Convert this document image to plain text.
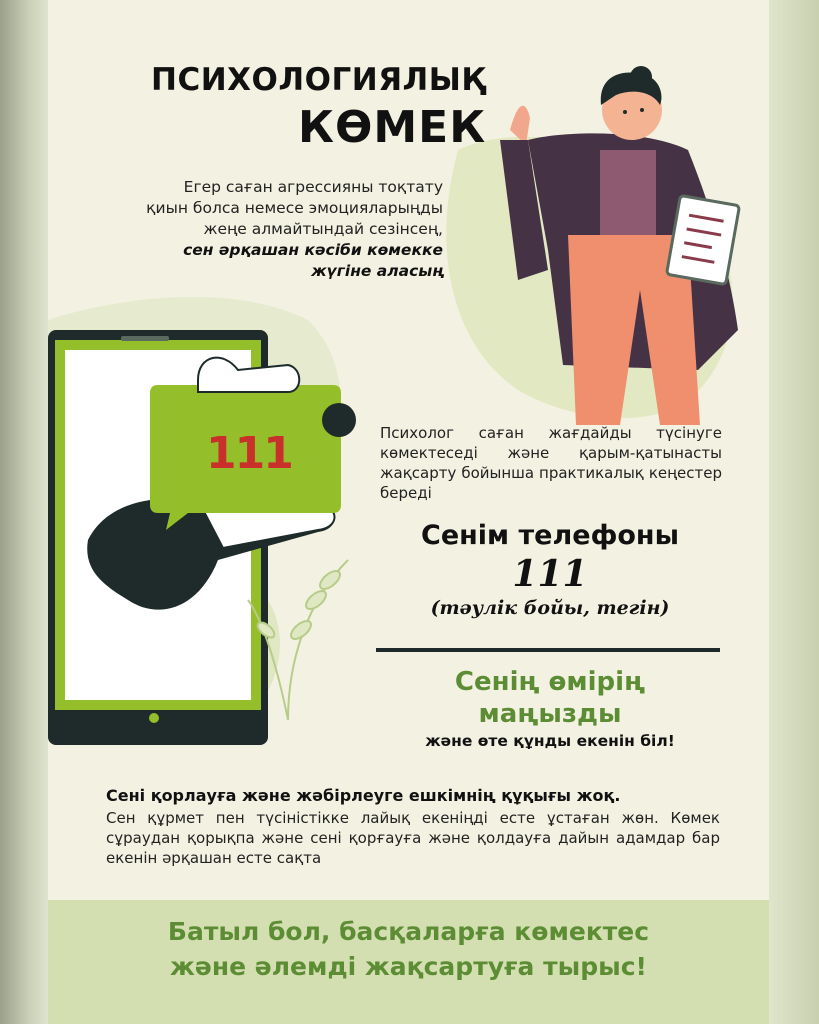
111
ПСИХОЛОГИЯЛЫҚ
КӨМЕК
Егер саған агрессияны тоқтату
қиын болса немесе эмоцияларыңды
жеңе алмайтындай сезінсең,
сен әрқашан кәсіби көмекке
жүгіне аласың
Психолог саған жағдайды түсінуге көмектеседі және қарым-қатынасты жақсарту бойынша практикалық кеңестер береді
Сенім телефоны
111
(тәулік бойы, тегін)
Сенің өмірің
маңызды
және өте құнды екенін біл!
Сені қорлауға және жәбірлеуге ешкімнің құқығы жоқ.
Сен құрмет пен түсіністікке лайық екеніңді есте ұстаған жөн. Көмек сұраудан қорықпа және сені қорғауға және қолдауға дайын адамдар бар екенін әрқашан есте сақта
Батыл бол, басқаларға көмектес
және әлемді жақсартуға тырыс!
